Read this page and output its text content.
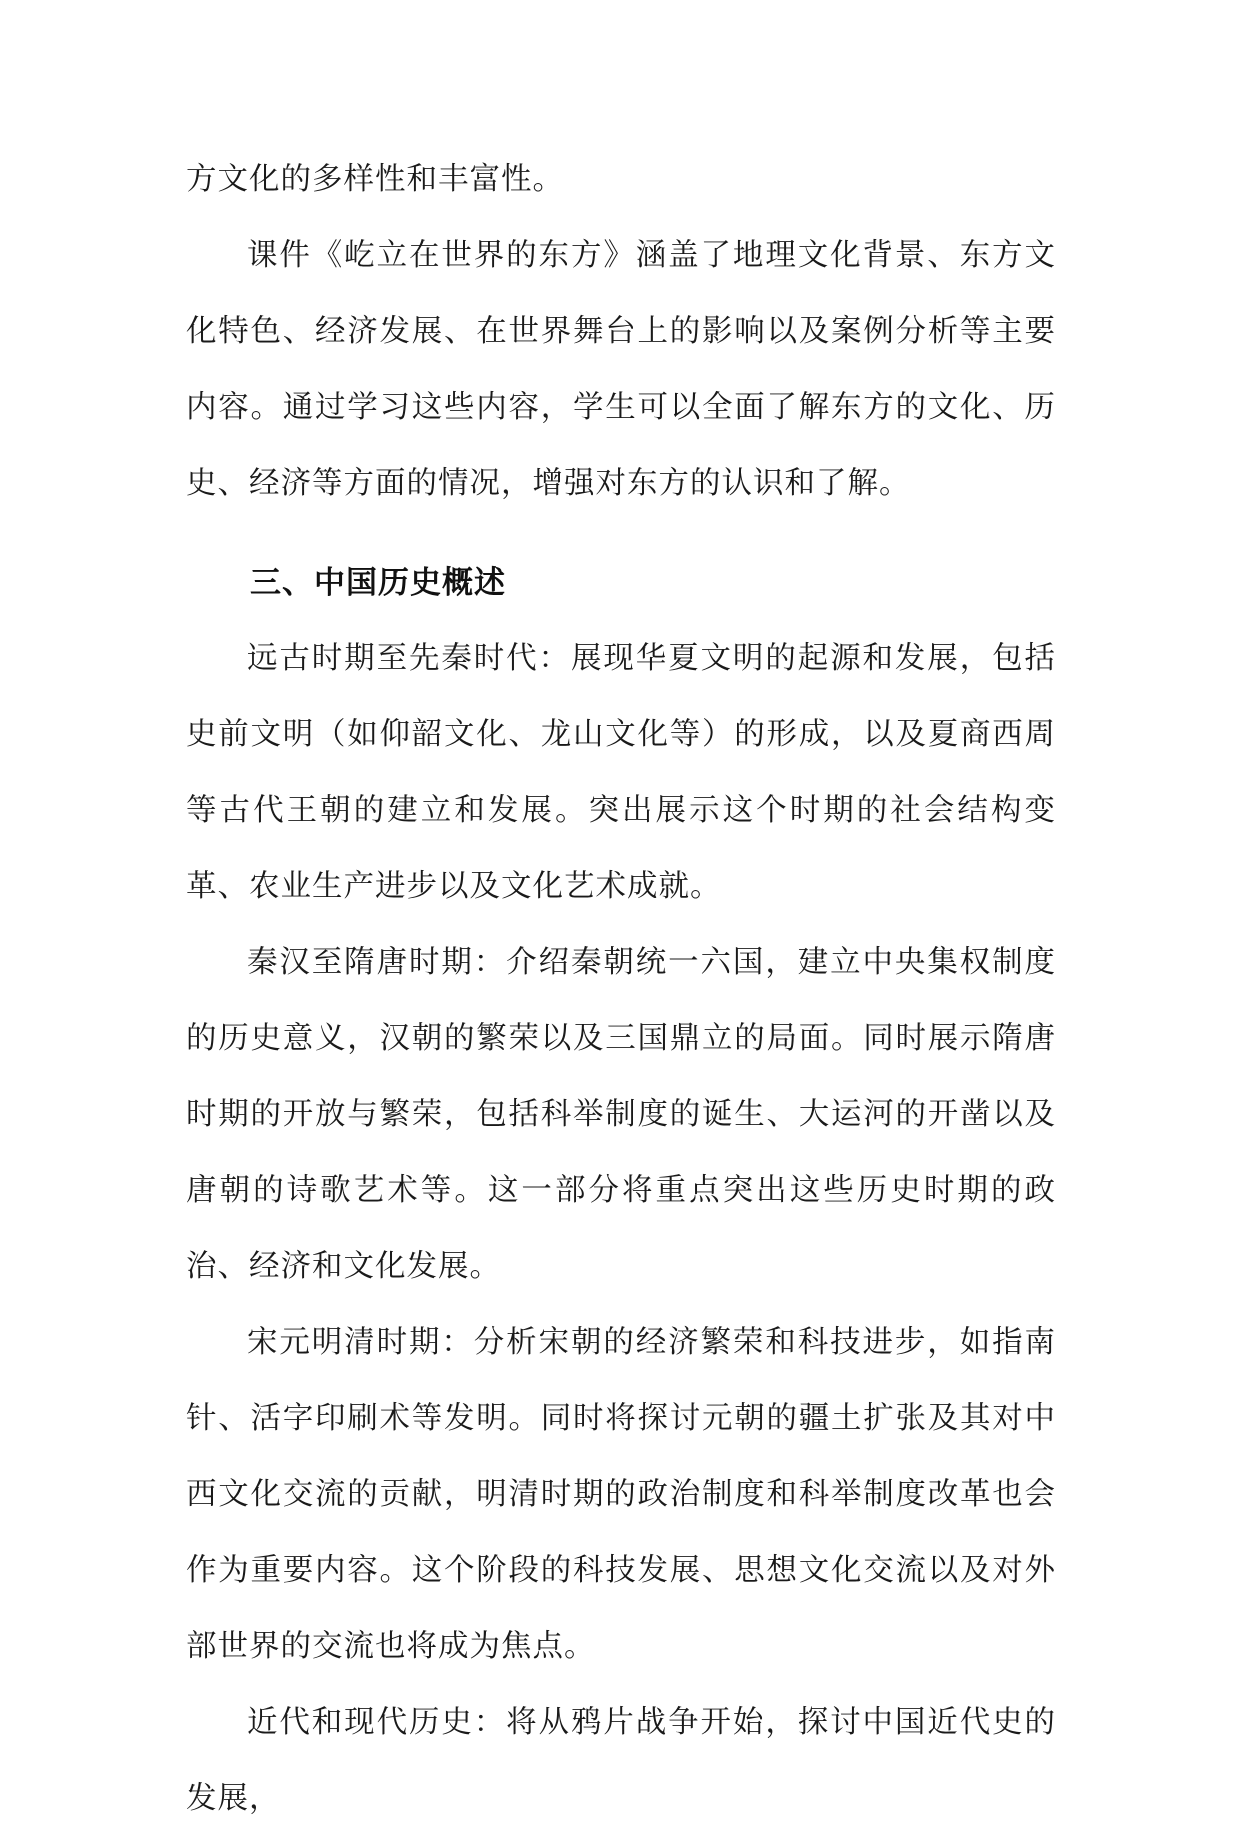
方文化的多样性和丰富性。

课件《屹立在世界的东方》涵盖了地理文化背景、东方文化特色、经济发展、在世界舞台上的影响以及案例分析等主要内容。通过学习这些内容，学生可以全面了解东方的文化、历史、经济等方面的情况，增强对东方的认识和了解。

三、中国历史概述

远古时期至先秦时代：展现华夏文明的起源和发展，包括史前文明（如仰韶文化、龙山文化等）的形成，以及夏商西周等古代王朝的建立和发展。突出展示这个时期的社会结构变革、农业生产进步以及文化艺术成就。

秦汉至隋唐时期：介绍秦朝统一六国，建立中央集权制度的历史意义，汉朝的繁荣以及三国鼎立的局面。同时展示隋唐时期的开放与繁荣，包括科举制度的诞生、大运河的开凿以及唐朝的诗歌艺术等。这一部分将重点突出这些历史时期的政治、经济和文化发展。

宋元明清时期：分析宋朝的经济繁荣和科技进步，如指南针、活字印刷术等发明。同时将探讨元朝的疆土扩张及其对中西文化交流的贡献，明清时期的政治制度和科举制度改革也会作为重要内容。这个阶段的科技发展、思想文化交流以及对外部世界的交流也将成为焦点。

近代和现代历史：将从鸦片战争开始，探讨中国近代史的发展，
